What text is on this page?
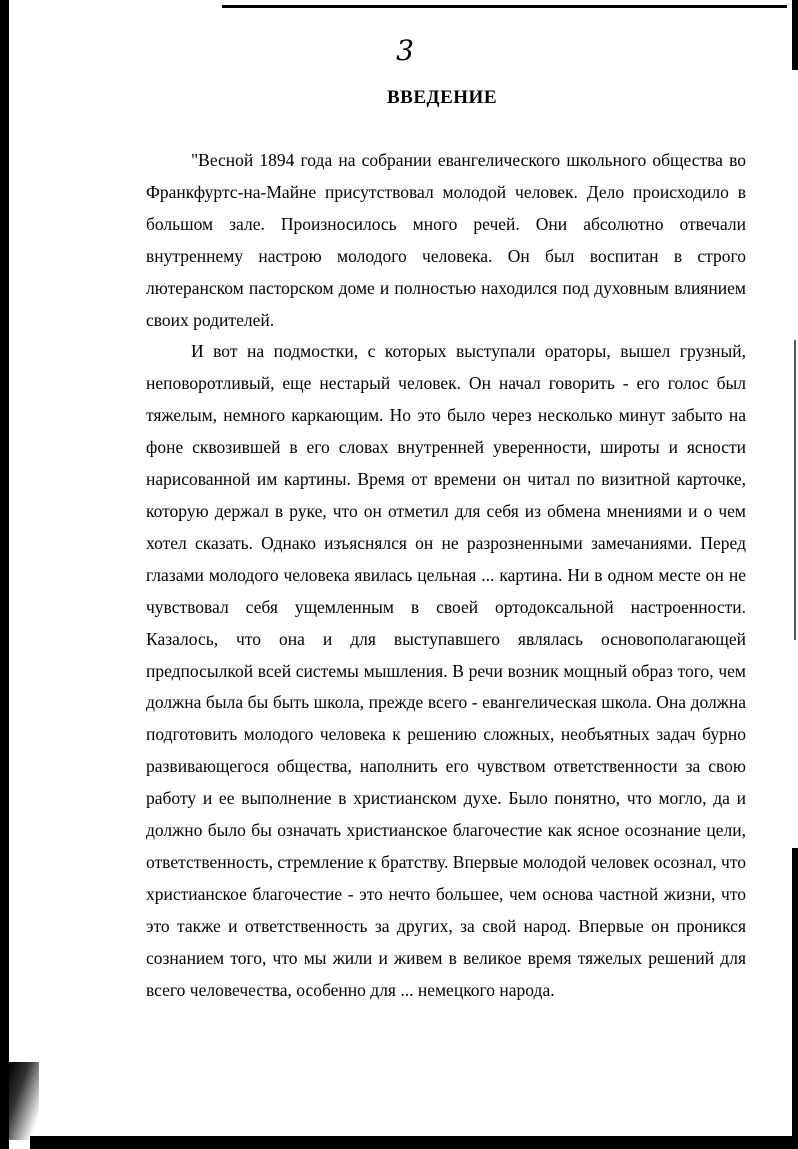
3
ВВЕДЕНИЕ

"Весной 1894 года на собрании евангелического школьного общества во Франкфуртс-на-Майне присутствовал молодой человек. Дело происходило в большом зале. Произносилось много речей. Они абсолютно отвечали внутреннему настрою молодого человека. Он был воспитан в строго лютеранском пасторском доме и полностью находился под духовным влиянием своих родителей.

И вот на подмостки, с которых выступали ораторы, вышел грузный, неповоротливый, еще нестарый человек. Он начал говорить - его голос был тяжелым, немного каркающим. Но это было через несколько минут забыто на фоне сквозившей в его словах внутренней уверенности, широты и ясности нарисованной им картины. Время от времени он читал по визитной карточке, которую держал в руке, что он отметил для себя из обмена мнениями и о чем хотел сказать. Однако изъяснялся он не разрозненными замечаниями. Перед глазами молодого человека явилась цельная ... картина. Ни в одном месте он не чувствовал себя ущемленным в своей ортодоксальной настроенности. Казалось, что она и для выступавшего являлась основополагающей предпосылкой всей системы мышления. В речи возник мощный образ того, чем должна была бы быть школа, прежде всего - евангелическая школа. Она должна подготовить молодого человека к решению сложных, необъятных задач бурно развивающегося общества, наполнить его чувством ответственности за свою работу и ее выполнение в христианском духе. Было понятно, что могло, да и должно было бы означать христианское благочестие как ясное осознание цели, ответственность, стремление к братству. Впервые молодой человек осознал, что христианское благочестие - это нечто большее, чем основа частной жизни, что это также и ответственность за других, за свой народ. Впервые он проникся сознанием того, что мы жили и живем в великое время тяжелых решений для всего человечества, особенно для ... немецкого народа.
